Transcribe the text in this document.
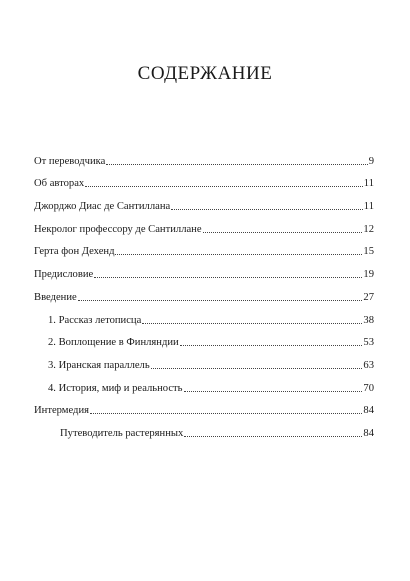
СОДЕРЖАНИЕ
От переводчика	9
Об авторах	11
Джорджо Диас де Сантиллана	11
Некролог профессору де Сантиллане	12
Герта фон Дехенд	15
Предисловие	19
Введение	27
1. Рассказ летописца	38
2. Воплощение в Финляндии	53
3. Иранская параллель	63
4. История, миф и реальность	70
Интермедия	84
Путеводитель растерянных	84
